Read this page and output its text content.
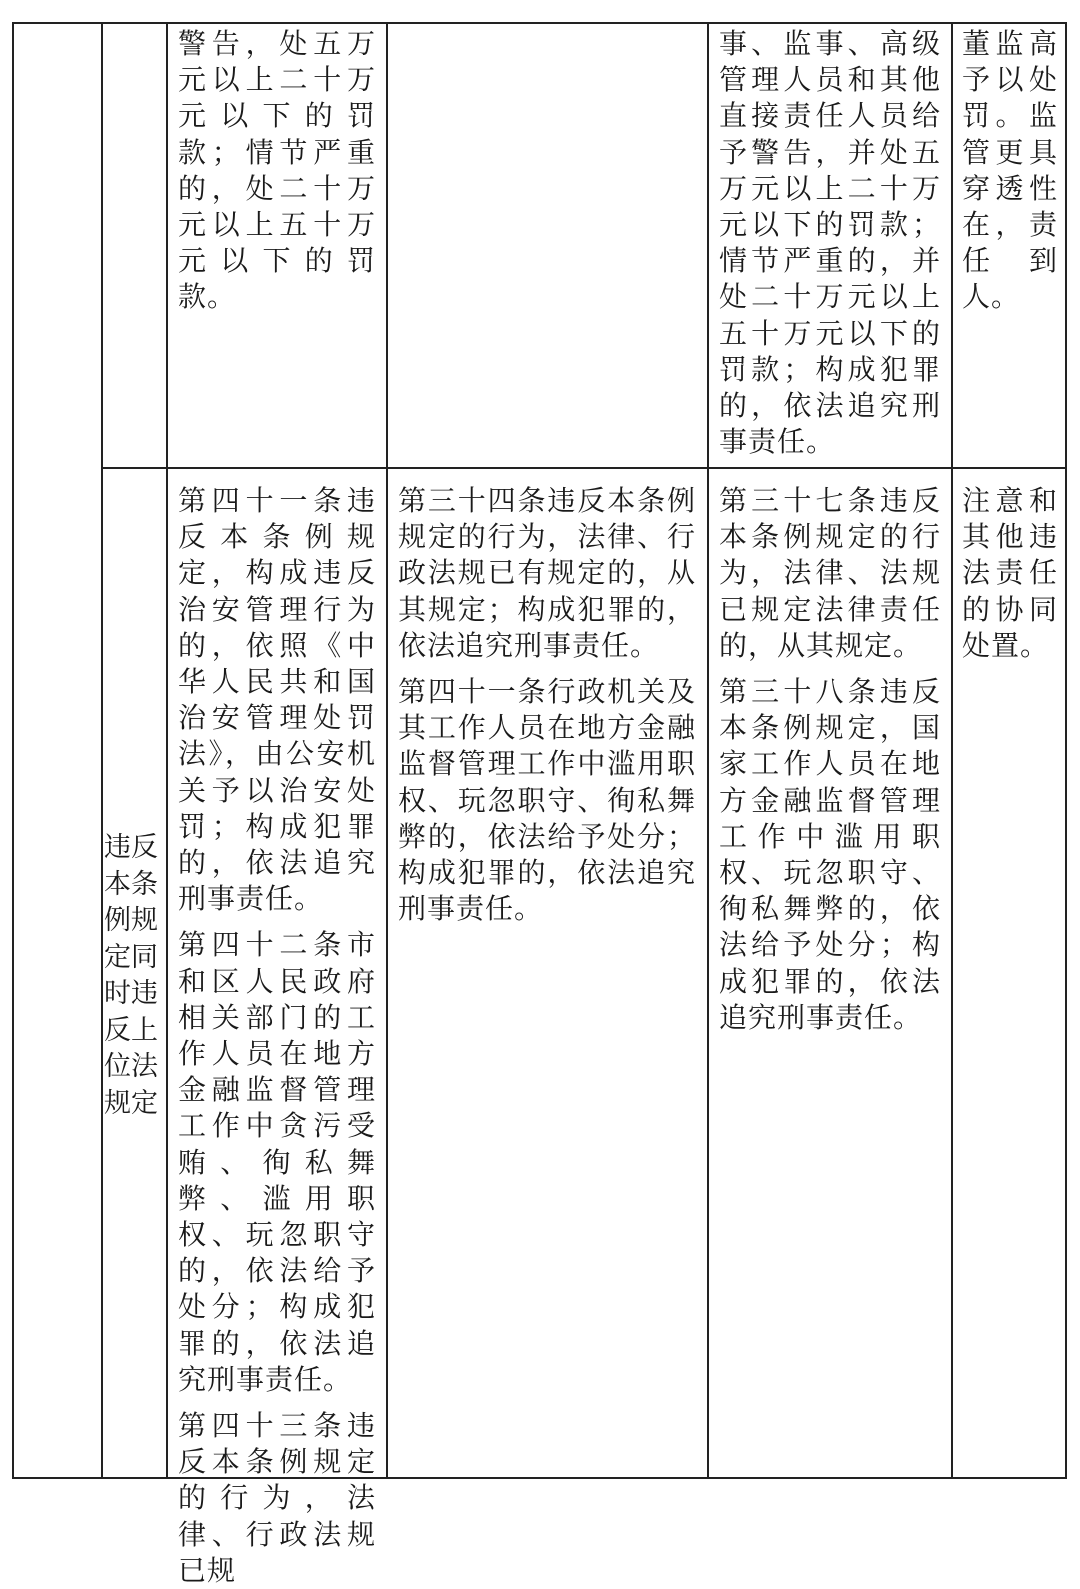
警告，处五万元以上二十万元以下的罚款；情节严重的，处二十万元以上五十万元以下的罚款。

事、监事、高级管理人员和其他直接责任人员给予警告，并处五万元以上二十万元以下的罚款；情节严重的，并处二十万元以上五十万元以下的罚款；构成犯罪的，依法追究刑事责任。

董监高予以处罚。监管更具穿透性在，责任　到人。

违反本条例规定同时违反上位法规定

第四十一条违反本条例规定，构成违反治安管理行为的，依照《中华人民共和国治安管理处罚法》，由公安机关予以治安处罚；构成犯罪的，依法追究刑事责任。

第四十二条市和区人民政府相关部门的工作人员在地方金融监督管理工作中贪污受贿、徇私舞弊、滥用职权、玩忽职守的，依法给予处分；构成犯罪的，依法追究刑事责任。

第四十三条违反本条例规定的行为，法律、行政法规已规

第三十四条违反本条例规定的行为，法律、行政法规已有规定的，从其规定；构成犯罪的，依法追究刑事责任。

第四十一条行政机关及其工作人员在地方金融监督管理工作中滥用职权、玩忽职守、徇私舞弊的，依法给予处分；构成犯罪的，依法追究刑事责任。

第三十七条违反本条例规定的行为，法律、法规已规定法律责任的，从其规定。

第三十八条违反本条例规定，国家工作人员在地方金融监督管理工作中滥用职权、玩忽职守、徇私舞弊的，依法给予处分；构成犯罪的，依法追究刑事责任。

注意和其他违法责任的协同处置。
